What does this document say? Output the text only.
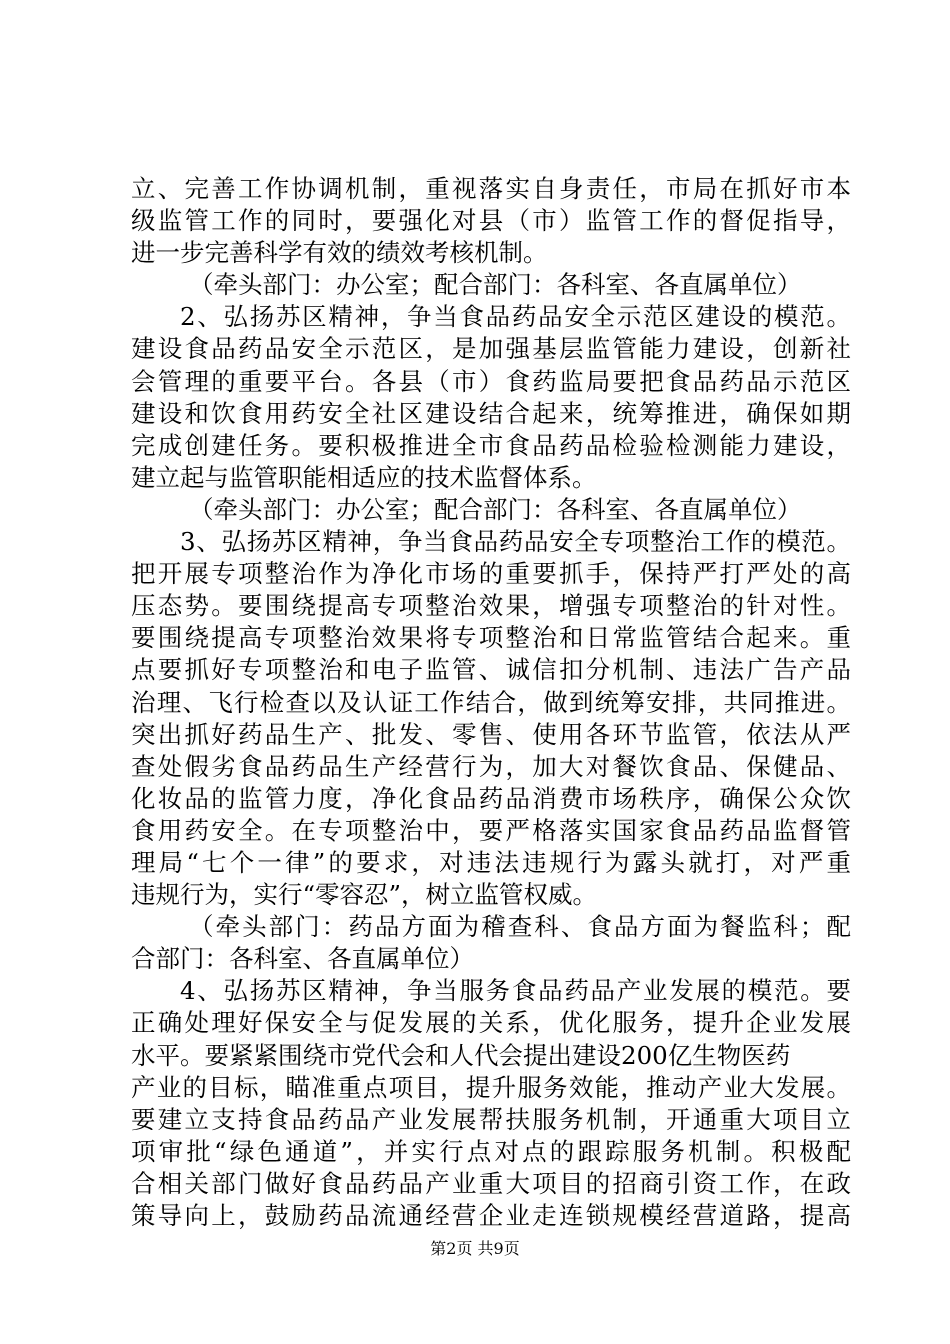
立、完善工作协调机制，重视落实自身责任，市局在抓好市本
级监管工作的同时，要强化对县（市）监管工作的督促指导，
进一步完善科学有效的绩效考核机制。
（牵头部门：办公室；配合部门：各科室、各直属单位）
2、弘扬苏区精神，争当食品药品安全示范区建设的模范。
建设食品药品安全示范区，是加强基层监管能力建设，创新社
会管理的重要平台。各县（市）食药监局要把食品药品示范区
建设和饮食用药安全社区建设结合起来，统筹推进，确保如期
完成创建任务。要积极推进全市食品药品检验检测能力建设，
建立起与监管职能相适应的技术监督体系。
（牵头部门：办公室；配合部门：各科室、各直属单位）
3、弘扬苏区精神，争当食品药品安全专项整治工作的模范。
把开展专项整治作为净化市场的重要抓手，保持严打严处的高
压态势。要围绕提高专项整治效果，增强专项整治的针对性。
要围绕提高专项整治效果将专项整治和日常监管结合起来。重
点要抓好专项整治和电子监管、诚信扣分机制、违法广告产品
治理、飞行检查以及认证工作结合，做到统筹安排，共同推进。
突出抓好药品生产、批发、零售、使用各环节监管，依法从严
查处假劣食品药品生产经营行为，加大对餐饮食品、保健品、
化妆品的监管力度，净化食品药品消费市场秩序，确保公众饮
食用药安全。在专项整治中，要严格落实国家食品药品监督管
理局“七个一律”的要求，对违法违规行为露头就打，对严重
违规行为，实行“零容忍”，树立监管权威。
（牵头部门：药品方面为稽查科、食品方面为餐监科；配
合部门：各科室、各直属单位）
4、弘扬苏区精神，争当服务食品药品产业发展的模范。要
正确处理好保安全与促发展的关系，优化服务，提升企业发展
水平。要紧紧围绕市党代会和人代会提出建设200亿生物医药
产业的目标，瞄准重点项目，提升服务效能，推动产业大发展。
要建立支持食品药品产业发展帮扶服务机制，开通重大项目立
项审批“绿色通道”，并实行点对点的跟踪服务机制。积极配
合相关部门做好食品药品产业重大项目的招商引资工作，在政
策导向上，鼓励药品流通经营企业走连锁规模经营道路，提高
第2页 共9页
